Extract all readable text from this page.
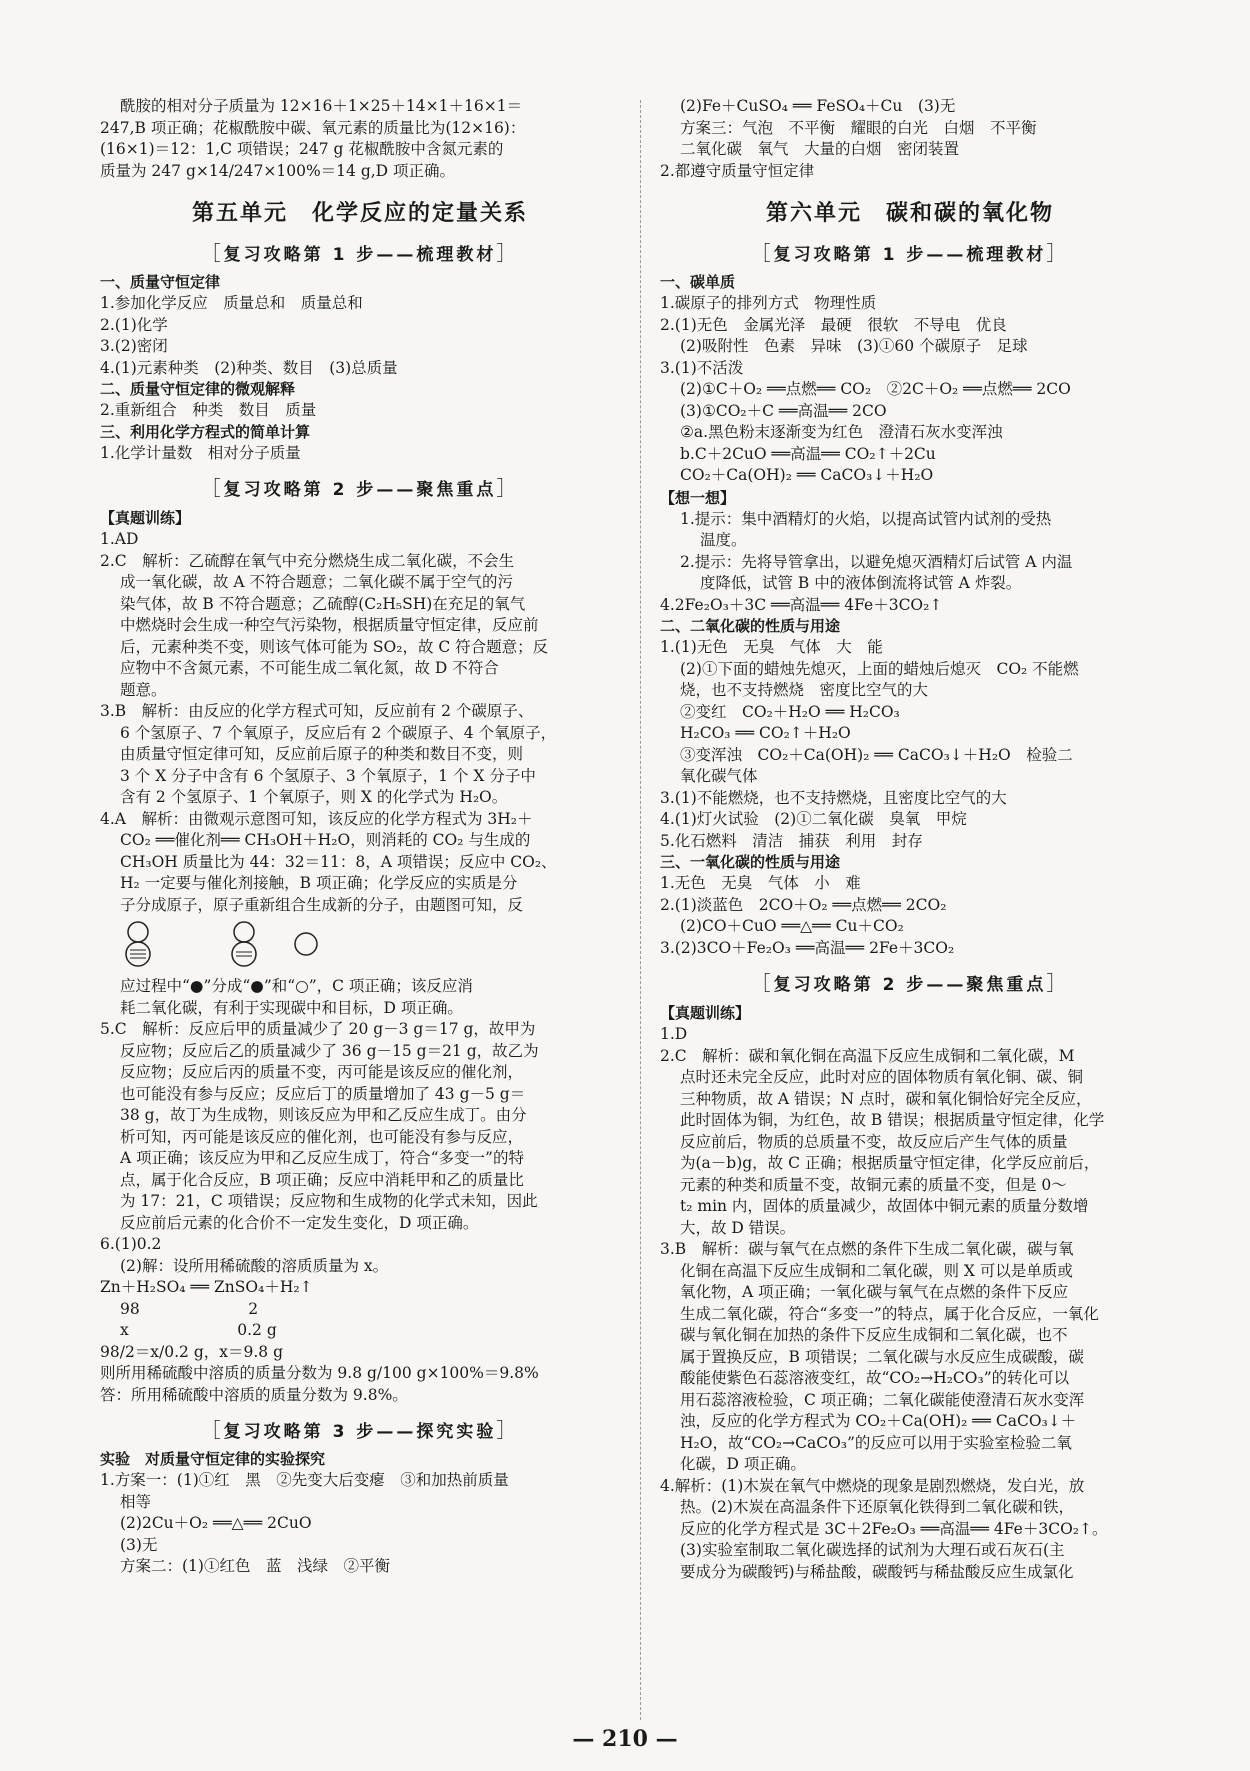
酰胺的相对分子质量为 12×16＋1×25＋14×1＋16×1＝

247,B 项正确；花椒酰胺中碳、氧元素的质量比为(12×16)：

(16×1)＝12：1,C 项错误；247 g 花椒酰胺中含氮元素的

质量为 247 g×14/247×100%＝14 g,D 项正确。

第五单元　化学反应的定量关系
［复习攻略第 1 步——梳理教材］

一、质量守恒定律

1.参加化学反应　质量总和　质量总和

2.(1)化学

3.(2)密闭

4.(1)元素种类　(2)种类、数目　(3)总质量

二、质量守恒定律的微观解释

2.重新组合　种类　数目　质量

三、利用化学方程式的简单计算

1.化学计量数　相对分子质量

［复习攻略第 2 步——聚焦重点］

【真题训练】

1.AD

2.C　解析：乙硫醇在氧气中充分燃烧生成二氧化碳，不会生

成一氧化碳，故 A 不符合题意；二氧化碳不属于空气的污

染气体，故 B 不符合题意；乙硫醇(C₂H₅SH)在充足的氧气

中燃烧时会生成一种空气污染物，根据质量守恒定律，反应前

后，元素种类不变，则该气体可能为 SO₂，故 C 符合题意；反

应物中不含氮元素，不可能生成二氧化氮，故 D 不符合

题意。

3.B　解析：由反应的化学方程式可知，反应前有 2 个碳原子、

6 个氢原子、7 个氧原子，反应后有 2 个碳原子、4 个氧原子，

由质量守恒定律可知，反应前后原子的种类和数目不变，则

3 个 X 分子中含有 6 个氢原子、3 个氧原子，1 个 X 分子中

含有 2 个氢原子、1 个氧原子，则 X 的化学式为 H₂O。

4.A　解析：由微观示意图可知，该反应的化学方程式为 3H₂＋

CO₂ ══催化剂══ CH₃OH＋H₂O，则消耗的 CO₂ 与生成的

CH₃OH 质量比为 44：32＝11：8，A 项错误；反应中 CO₂、

H₂ 一定要与催化剂接触，B 项正确；化学反应的实质是分

子分成原子，原子重新组合生成新的分子，由题图可知，反

应过程中“●”分成“●”和“○”，C 项正确；该反应消

耗二氧化碳，有利于实现碳中和目标，D 项正确。

5.C　解析：反应后甲的质量减少了 20 g－3 g＝17 g，故甲为

反应物；反应后乙的质量减少了 36 g－15 g＝21 g，故乙为

反应物；反应后丙的质量不变，丙可能是该反应的催化剂，

也可能没有参与反应；反应后丁的质量增加了 43 g－5 g＝

38 g，故丁为生成物，则该反应为甲和乙反应生成丁。由分

析可知，丙可能是该反应的催化剂，也可能没有参与反应，

A 项正确；该反应为甲和乙反应生成丁，符合“多变一”的特

点，属于化合反应，B 项正确；反应中消耗甲和乙的质量比

为 17：21，C 项错误；反应物和生成物的化学式未知，因此

反应前后元素的化合价不一定发生变化，D 项正确。

6.(1)0.2

(2)解：设所用稀硫酸的溶质质量为 x。

Zn＋H₂SO₄ ══ ZnSO₄＋H₂↑

98　　　　　　　2

x　　　　　　　0.2 g

98/2＝x/0.2 g，x＝9.8 g

则所用稀硫酸中溶质的质量分数为 9.8 g/100 g×100%＝9.8%

答：所用稀硫酸中溶质的质量分数为 9.8%。

［复习攻略第 3 步——探究实验］

实验　对质量守恒定律的实验探究

1.方案一：(1)①红　黑　②先变大后变瘪　③和加热前质量

相等

(2)2Cu＋O₂ ══△══ 2CuO

(3)无

方案二：(1)①红色　蓝　浅绿　②平衡

(2)Fe＋CuSO₄ ══ FeSO₄＋Cu　(3)无

方案三：气泡　不平衡　耀眼的白光　白烟　不平衡

二氧化碳　氧气　大量的白烟　密闭装置

2.都遵守质量守恒定律

第六单元　碳和碳的氧化物
［复习攻略第 1 步——梳理教材］

一、碳单质

1.碳原子的排列方式　物理性质

2.(1)无色　金属光泽　最硬　很软　不导电　优良

(2)吸附性　色素　异味　(3)①60 个碳原子　足球

3.(1)不活泼

(2)①C＋O₂ ══点燃══ CO₂　②2C＋O₂ ══点燃══ 2CO

(3)①CO₂＋C ══高温══ 2CO

②a.黑色粉末逐渐变为红色　澄清石灰水变浑浊

b.C＋2CuO ══高温══ CO₂↑＋2Cu

CO₂＋Ca(OH)₂ ══ CaCO₃↓＋H₂O

【想一想】

1.提示：集中酒精灯的火焰，以提高试管内试剂的受热

温度。

2.提示：先将导管拿出，以避免熄灭酒精灯后试管 A 内温

度降低，试管 B 中的液体倒流将试管 A 炸裂。

4.2Fe₂O₃＋3C ══高温══ 4Fe＋3CO₂↑

二、二氧化碳的性质与用途

1.(1)无色　无臭　气体　大　能

(2)①下面的蜡烛先熄灭，上面的蜡烛后熄灭　CO₂ 不能燃

烧，也不支持燃烧　密度比空气的大

②变红　CO₂＋H₂O ══ H₂CO₃

H₂CO₃ ══ CO₂↑＋H₂O

③变浑浊　CO₂＋Ca(OH)₂ ══ CaCO₃↓＋H₂O　检验二

氧化碳气体

3.(1)不能燃烧，也不支持燃烧，且密度比空气的大

4.(1)灯火试验　(2)①二氧化碳　臭氧　甲烷

5.化石燃料　清洁　捕获　利用　封存

三、一氧化碳的性质与用途

1.无色　无臭　气体　小　难

2.(1)淡蓝色　2CO＋O₂ ══点燃══ 2CO₂

(2)CO＋CuO ══△══ Cu＋CO₂

3.(2)3CO＋Fe₂O₃ ══高温══ 2Fe＋3CO₂

［复习攻略第 2 步——聚焦重点］

【真题训练】

1.D

2.C　解析：碳和氧化铜在高温下反应生成铜和二氧化碳，M

点时还未完全反应，此时对应的固体物质有氧化铜、碳、铜

三种物质，故 A 错误；N 点时，碳和氧化铜恰好完全反应，

此时固体为铜，为红色，故 B 错误；根据质量守恒定律，化学

反应前后，物质的总质量不变，故反应后产生气体的质量

为(a－b)g，故 C 正确；根据质量守恒定律，化学反应前后，

元素的种类和质量不变，故铜元素的质量不变，但是 0～

t₂ min 内，固体的质量减少，故固体中铜元素的质量分数增

大，故 D 错误。

3.B　解析：碳与氧气在点燃的条件下生成二氧化碳，碳与氧

化铜在高温下反应生成铜和二氧化碳，则 X 可以是单质或

氧化物，A 项正确；一氧化碳与氧气在点燃的条件下反应

生成二氧化碳，符合“多变一”的特点，属于化合反应，一氧化

碳与氧化铜在加热的条件下反应生成铜和二氧化碳，也不

属于置换反应，B 项错误；二氧化碳与水反应生成碳酸，碳

酸能使紫色石蕊溶液变红，故“CO₂→H₂CO₃”的转化可以

用石蕊溶液检验，C 项正确；二氧化碳能使澄清石灰水变浑

浊，反应的化学方程式为 CO₂＋Ca(OH)₂ ══ CaCO₃↓＋

H₂O，故“CO₂→CaCO₃”的反应可以用于实验室检验二氧

化碳，D 项正确。

4.解析：(1)木炭在氧气中燃烧的现象是剧烈燃烧，发白光，放

热。(2)木炭在高温条件下还原氧化铁得到二氧化碳和铁，

反应的化学方程式是 3C＋2Fe₂O₃ ══高温══ 4Fe＋3CO₂↑。

(3)实验室制取二氧化碳选择的试剂为大理石或石灰石(主

要成分为碳酸钙)与稀盐酸，碳酸钙与稀盐酸反应生成氯化

— 210 —
